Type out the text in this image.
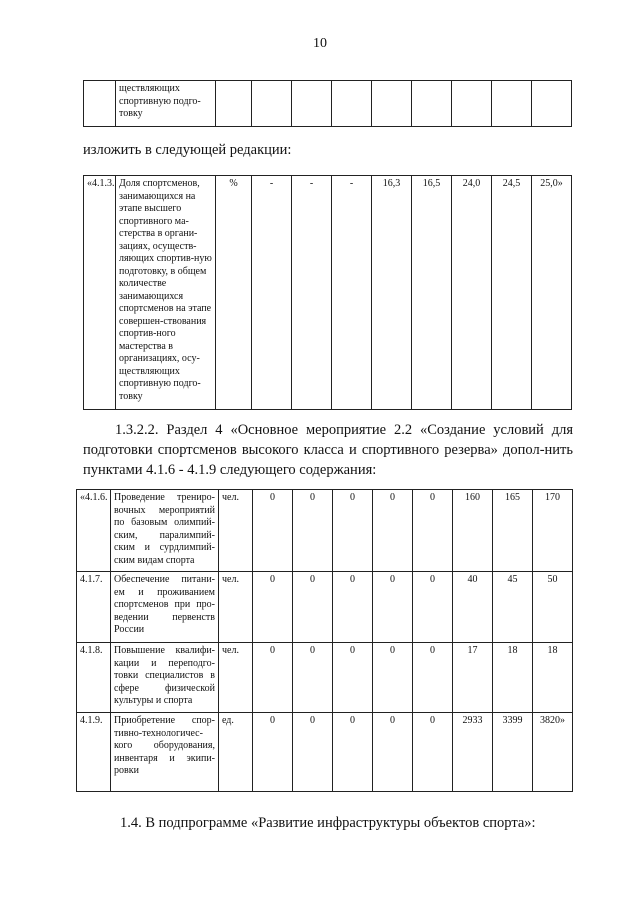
10
	ществляющих спортивную подго-товку									
изложить в следующей редакции:
«4.1.3.	Доля спортсменов, занимающихся на этапе высшего спортивного ма-стерства в органи-зациях, осуществ-ляющих спортив-ную подготовку, в общем количестве занимающихся спортсменов на этапе совершен-ствования спортив-ного мастерства в организациях, осу-ществляющих спортивную подго-товку	%	-	-	-	16,3	16,5	24,0	24,5	25,0»
1.3.2.2. Раздел 4 «Основное мероприятие 2.2 «Создание условий для подготовки спортсменов высокого класса и спортивного резерва» допол-нить пунктами 4.1.6 - 4.1.9 следующего содержания:
«4.1.6.	Проведение трениро-вочных мероприятий по базовым олимпий-ским, паралимпий-ским и сурдлимпий-ским видам спорта	чел.	0	0	0	0	0	160	165	170
4.1.7.	Обеспечение питани-ем и проживанием спортсменов при про-ведении первенств России	чел.	0	0	0	0	0	40	45	50
4.1.8.	Повышение квалифи-кации и переподго-товки специалистов в сфере физической культуры и спорта	чел.	0	0	0	0	0	17	18	18
4.1.9.	Приобретение спор-тивно-технологичес-кого оборудования, инвентаря и экипи-ровки	ед.	0	0	0	0	0	2933	3399	3820»
1.4. В подпрограмме «Развитие инфраструктуры объектов спорта»:
